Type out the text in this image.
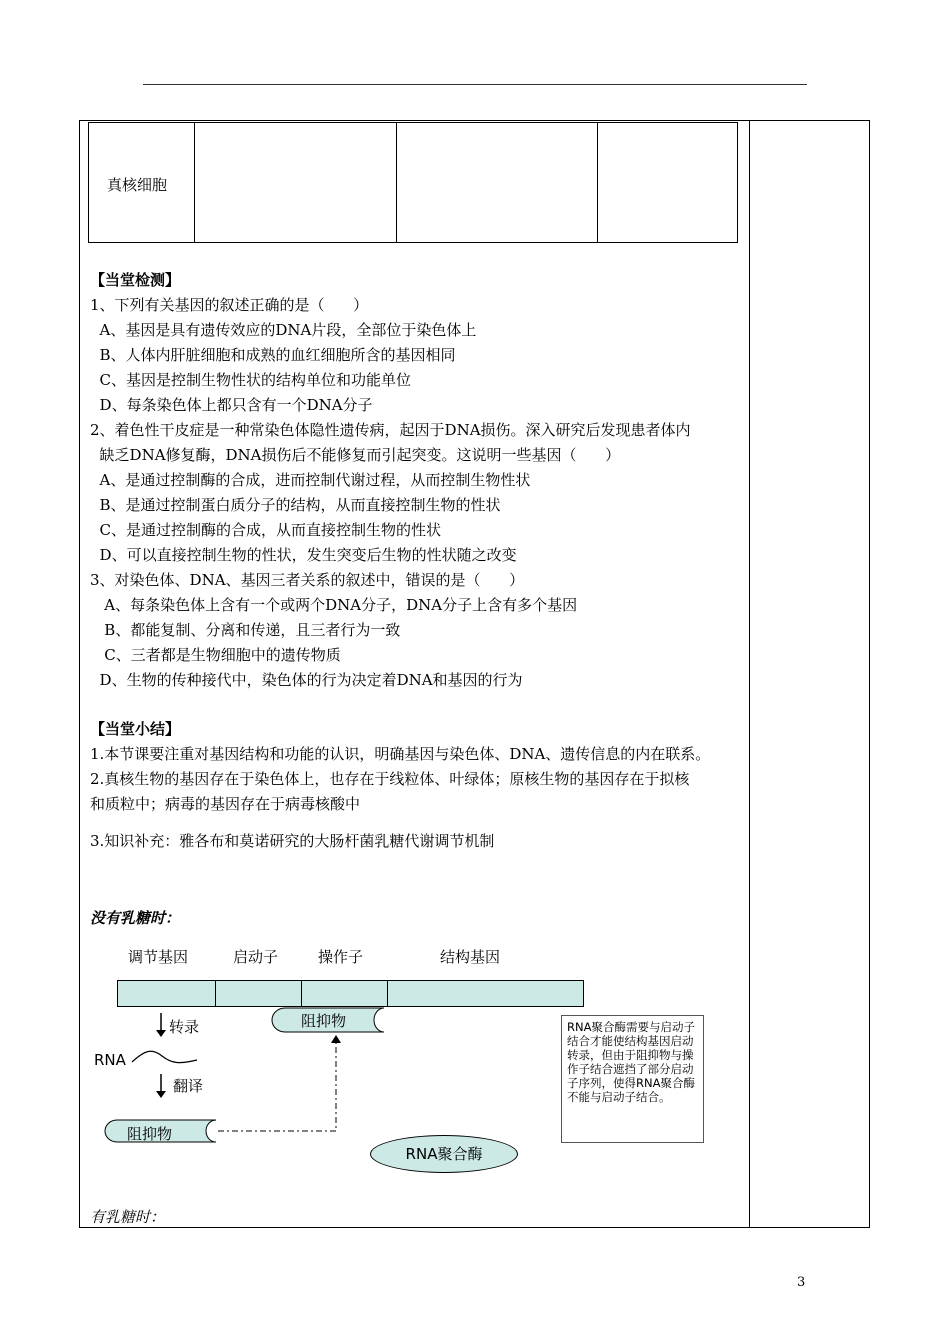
真核细胞
【当堂检测】
1、下列有关基因的叙述正确的是（      ）
A、基因是具有遗传效应的DNA片段，全部位于染色体上
B、人体内肝脏细胞和成熟的血红细胞所含的基因相同
C、基因是控制生物性状的结构单位和功能单位
D、每条染色体上都只含有一个DNA分子
2、着色性干皮症是一种常染色体隐性遗传病，起因于DNA损伤。深入研究后发现患者体内
缺乏DNA修复酶，DNA损伤后不能修复而引起突变。这说明一些基因（      ）
A、是通过控制酶的合成，进而控制代谢过程，从而控制生物性状
B、是通过控制蛋白质分子的结构，从而直接控制生物的性状
C、是通过控制酶的合成，从而直接控制生物的性状
D、可以直接控制生物的性状，发生突变后生物的性状随之改变
3、对染色体、DNA、基因三者关系的叙述中，错误的是（      ）
A、每条染色体上含有一个或两个DNA分子，DNA分子上含有多个基因
B、都能复制、分离和传递，且三者行为一致
C、三者都是生物细胞中的遗传物质
D、生物的传种接代中，染色体的行为决定着DNA和基因的行为
【当堂小结】
1.本节课要注重对基因结构和功能的认识，明确基因与染色体、DNA、遗传信息的内在联系。
2.真核生物的基因存在于染色体上，也存在于线粒体、叶绿体；原核生物的基因存在于拟核
和质粒中；病毒的基因存在于病毒核酸中
3.知识补充：雅各布和莫诺研究的大肠杆菌乳糖代谢调节机制
没有乳糖时：
调节基因	启动子	操作子	结构基因
阻抑物
转录
RNA
翻译
阻抑物
RNA聚合酶需要与启动子结合才能使结构基因启动转录，但由于阻抑物与操作子结合遮挡了部分启动子序列，使得RNA聚合酶不能与启动子结合。
RNA聚合酶
有乳糖时：
3
